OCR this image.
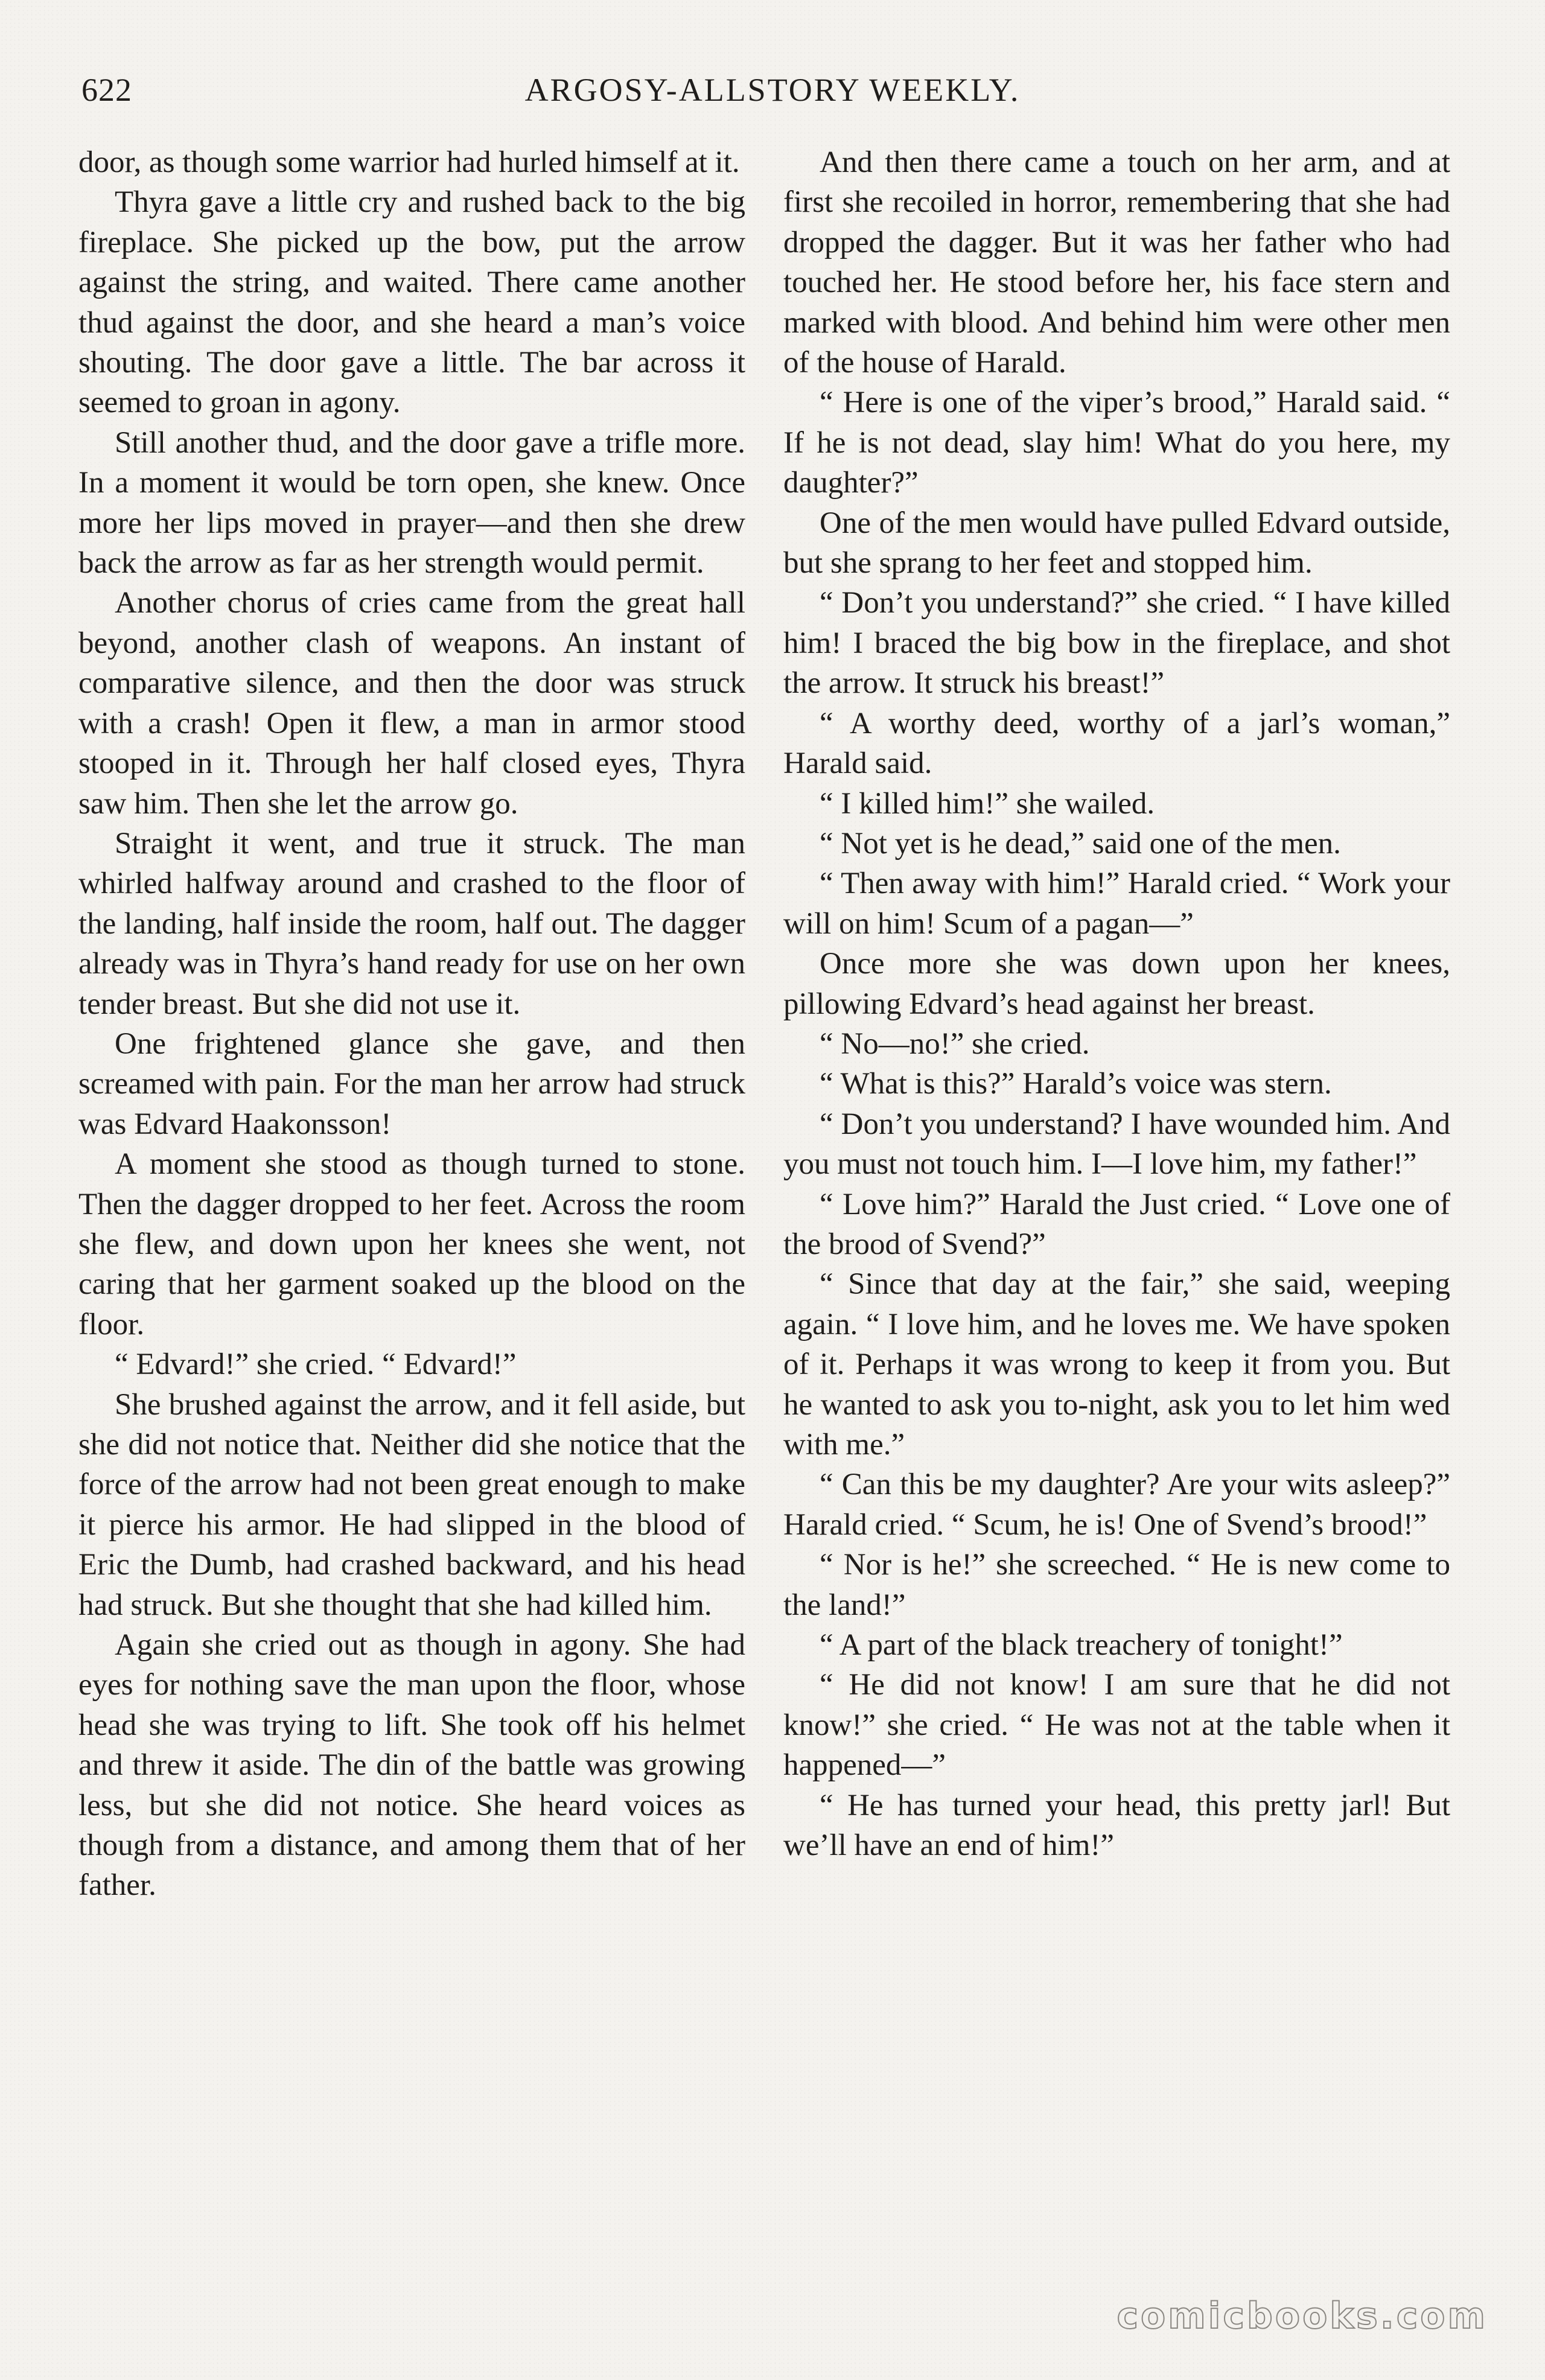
622	ARGOSY-ALLSTORY WEEKLY.

door, as though some warrior had hurled himself at it.

Thyra gave a little cry and rushed back to the big fireplace. She picked up the bow, put the arrow against the string, and waited. There came another thud against the door, and she heard a man’s voice shouting. The door gave a little. The bar across it seemed to groan in agony.

Still another thud, and the door gave a trifle more. In a moment it would be torn open, she knew. Once more her lips moved in prayer—and then she drew back the arrow as far as her strength would permit.

Another chorus of cries came from the great hall beyond, another clash of weapons. An instant of comparative silence, and then the door was struck with a crash! Open it flew, a man in armor stood stooped in it. Through her half closed eyes, Thyra saw him. Then she let the arrow go.

Straight it went, and true it struck. The man whirled halfway around and crashed to the floor of the landing, half inside the room, half out. The dagger already was in Thyra’s hand ready for use on her own tender breast. But she did not use it.

One frightened glance she gave, and then screamed with pain. For the man her arrow had struck was Edvard Haakonsson!

A moment she stood as though turned to stone. Then the dagger dropped to her feet. Across the room she flew, and down upon her knees she went, not caring that her garment soaked up the blood on the floor.

“ Edvard!” she cried. “ Edvard!”

She brushed against the arrow, and it fell aside, but she did not notice that. Neither did she notice that the force of the arrow had not been great enough to make it pierce his armor. He had slipped in the blood of Eric the Dumb, had crashed backward, and his head had struck. But she thought that she had killed him.

Again she cried out as though in agony. She had eyes for nothing save the man upon the floor, whose head she was trying to lift. She took off his helmet and threw it aside. The din of the battle was growing less, but she did not notice. She heard voices as though from a distance, and among them that of her father.

And then there came a touch on her arm, and at first she recoiled in horror, remembering that she had dropped the dagger. But it was her father who had touched her. He stood before her, his face stern and marked with blood. And behind him were other men of the house of Harald.

“ Here is one of the viper’s brood,” Harald said. “ If he is not dead, slay him! What do you here, my daughter?”

One of the men would have pulled Edvard outside, but she sprang to her feet and stopped him.

“ Don’t you understand?” she cried. “ I have killed him! I braced the big bow in the fireplace, and shot the arrow. It struck his breast!”

“ A worthy deed, worthy of a jarl’s woman,” Harald said.

“ I killed him!” she wailed.

“ Not yet is he dead,” said one of the men.

“ Then away with him!” Harald cried. “ Work your will on him! Scum of a pagan—”

Once more she was down upon her knees, pillowing Edvard’s head against her breast.

“ No—no!” she cried.

“ What is this?” Harald’s voice was stern.

“ Don’t you understand? I have wounded him. And you must not touch him. I—I love him, my father!”

“ Love him?” Harald the Just cried. “ Love one of the brood of Svend?”

“ Since that day at the fair,” she said, weeping again. “ I love him, and he loves me. We have spoken of it. Perhaps it was wrong to keep it from you. But he wanted to ask you to-night, ask you to let him wed with me.”

“ Can this be my daughter? Are your wits asleep?” Harald cried. “ Scum, he is! One of Svend’s brood!”

“ Nor is he!” she screeched. “ He is new come to the land!”

“ A part of the black treachery of tonight!”

“ He did not know! I am sure that he did not know!” she cried. “ He was not at the table when it happened—”

“ He has turned your head, this pretty jarl! But we’ll have an end of him!”

comicbooks.com
